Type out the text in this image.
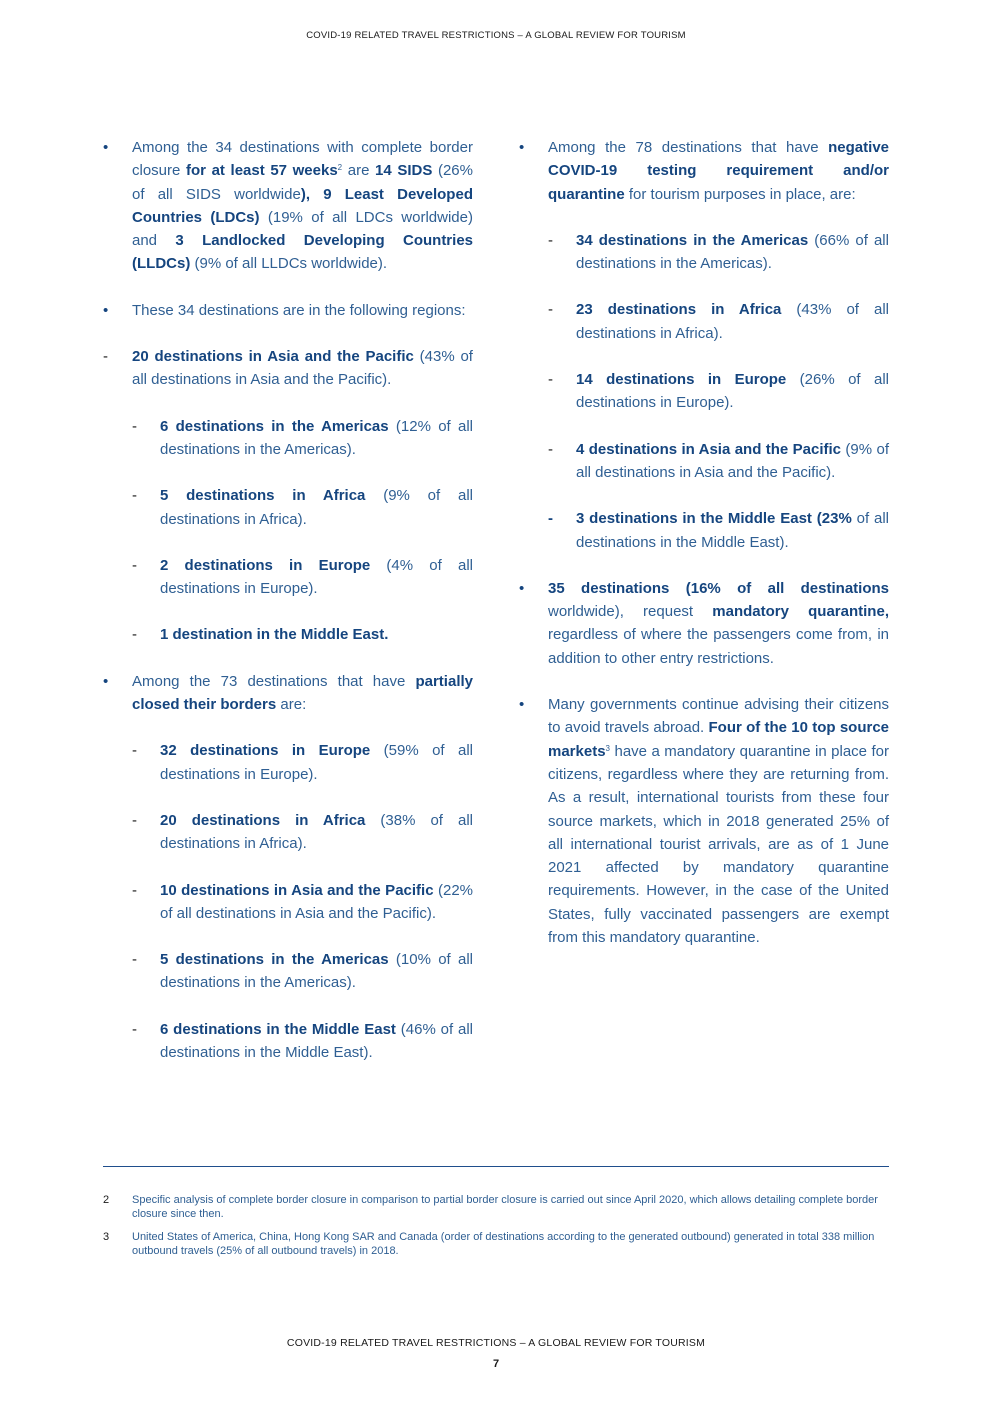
COVID-19 RELATED TRAVEL RESTRICTIONS – A GLOBAL REVIEW FOR TOURISM
•	Among the 34 destinations with complete border closure for at least 57 weeks$^2$ are 14 SIDS (26% of all SIDS worldwide), 9 Least Developed Countries (LDCs) (19% of all LDCs worldwide) and 3 Landlocked Developing Countries (LLDCs) (9% of all LLDCs worldwide).
•	These 34 destinations are in the following regions:
- 20 destinations in Asia and the Pacific (43% of all destinations in Asia and the Pacific).
- 6 destinations in the Americas (12% of all destinations in the Americas).
- 5 destinations in Africa (9% of all destinations in Africa).
- 2 destinations in Europe (4% of all destinations in Europe).
- 1 destination in the Middle East.
•	Among the 73 destinations that have partially closed their borders are:
- 32 destinations in Europe (59% of all destinations in Europe).
- 20 destinations in Africa (38% of all destinations in Africa).
- 10 destinations in Asia and the Pacific (22% of all destinations in Asia and the Pacific).
- 5 destinations in the Americas (10% of all destinations in the Americas).
- 6 destinations in the Middle East (46% of all destinations in the Middle East).
•	Among the 78 destinations that have negative COVID-19 testing requirement and/or quarantine for tourism purposes in place, are:
- 34 destinations in the Americas (66% of all destinations in the Americas).
- 23 destinations in Africa (43% of all destinations in Africa).
- 14 destinations in Europe (26% of all destinations in Europe).
- 4 destinations in Asia and the Pacific (9% of all destinations in Asia and the Pacific).
- 3 destinations in the Middle East (23% of all destinations in the Middle East).
•	35 destinations (16% of all destinations worldwide), request mandatory quarantine, regardless of where the passengers come from, in addition to other entry restrictions.
•	Many governments continue advising their citizens to avoid travels abroad. Four of the 10 top source markets$^3$ have a mandatory quarantine in place for citizens, regardless where they are returning from. As a result, international tourists from these four source markets, which in 2018 generated 25% of all international tourist arrivals, are as of 1 June 2021 affected by mandatory quarantine requirements. However, in the case of the United States, fully vaccinated passengers are exempt from this mandatory quarantine.
2 Specific analysis of complete border closure in comparison to partial border closure is carried out since April 2020, which allows detailing complete border closure since then.
3 United States of America, China, Hong Kong SAR and Canada (order of destinations according to the generated outbound) generated in total 338 million outbound travels (25% of all outbound travels) in 2018.
COVID-19 RELATED TRAVEL RESTRICTIONS – A GLOBAL REVIEW FOR TOURISM
7
